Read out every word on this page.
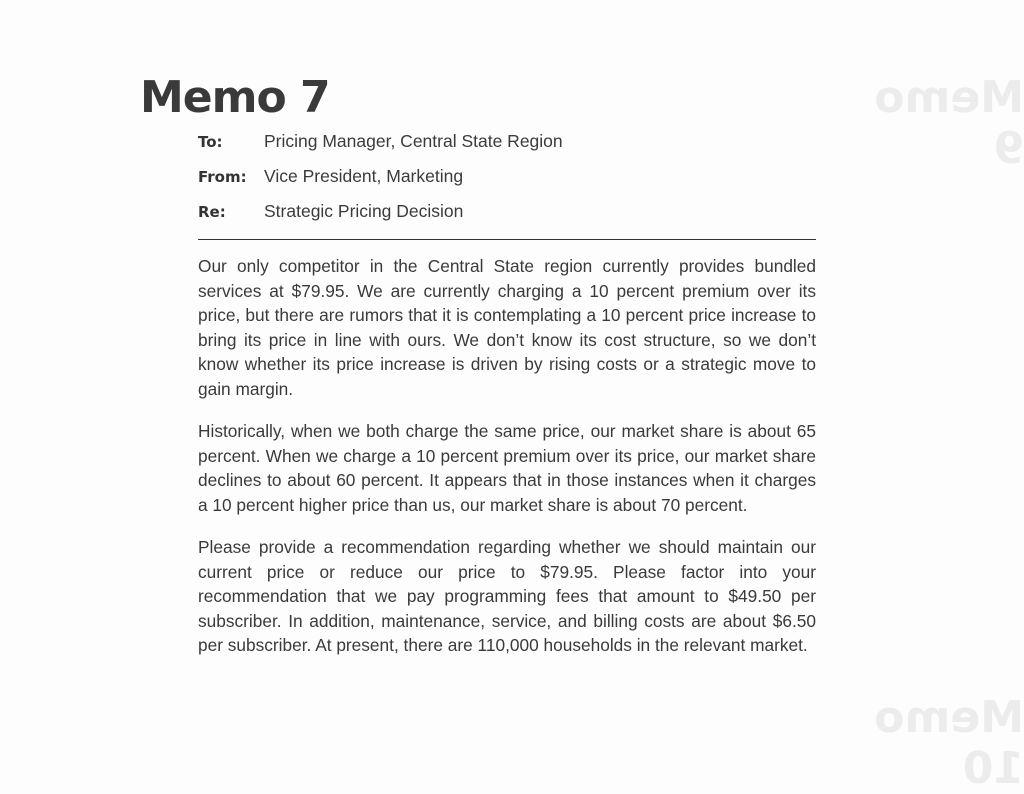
Memo 9
Memo 10
Memo 7
To: Pricing Manager, Central State Region
From: Vice President, Marketing
Re: Strategic Pricing Decision

Our only competitor in the Central State region currently provides bundled services at $79.95. We are currently charging a 10 percent premium over its price, but there are rumors that it is contemplating a 10 percent price increase to bring its price in line with ours. We don’t know its cost structure, so we don’t know whether its price increase is driven by rising costs or a strategic move to gain margin.

Historically, when we both charge the same price, our market share is about 65 percent. When we charge a 10 percent premium over its price, our market share declines to about 60 percent. It appears that in those instances when it charges a 10 percent higher price than us, our market share is about 70 percent.

Please provide a recommendation regarding whether we should maintain our current price or reduce our price to $79.95. Please factor into your recommendation that we pay programming fees that amount to $49.50 per subscriber. In addition, maintenance, service, and billing costs are about $6.50 per subscriber. At present, there are 110,000 households in the relevant market.
